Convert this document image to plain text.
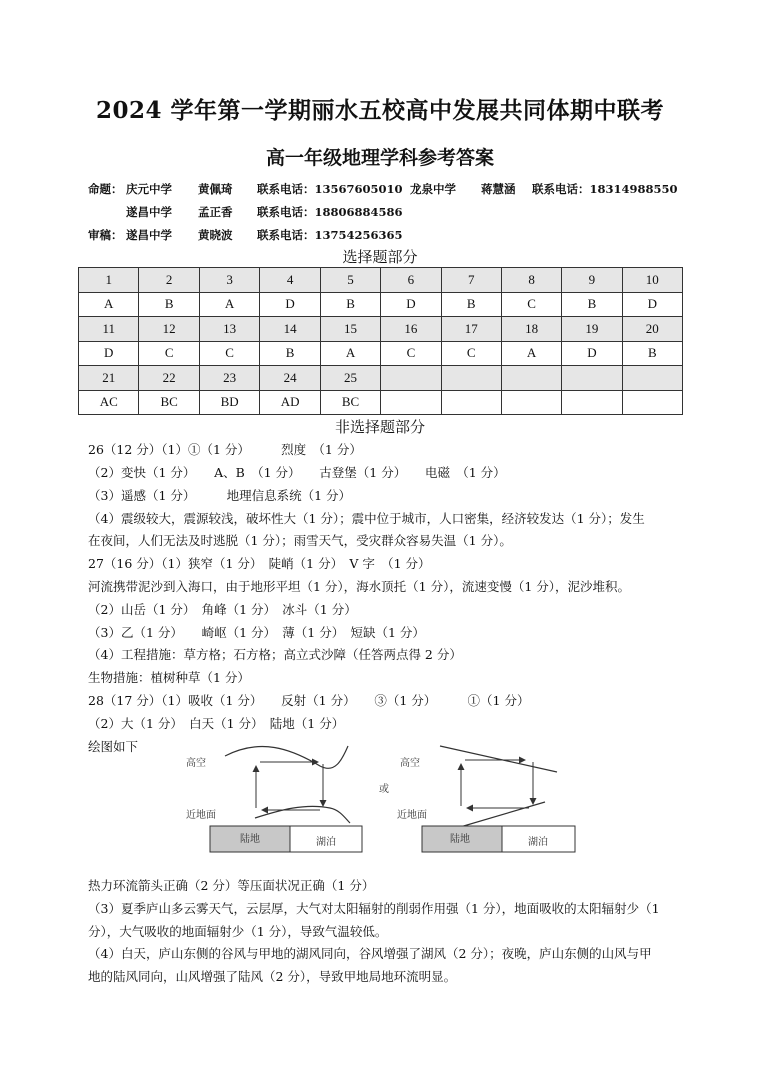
2024 学年第一学期丽水五校高中发展共同体期中联考
高一年级地理学科参考答案
命题： 庆元中学 黄佩琦 联系电话：13567605010 龙泉中学 蒋慧涵 联系电话：18314988550
遂昌中学 孟正香 联系电话：18806884586
审稿： 遂昌中学 黄晓波 联系电话：13754256365
选择题部分
1	2	3	4	5	6	7	8	9	10
A	B	A	D	B	D	B	C	B	D
11	12	13	14	15	16	17	18	19	20
D	C	C	B	A	C	C	A	D	B
21	22	23	24	25					
AC	BC	BD	AD	BC					
非选择题部分
26（12 分）（1）①（1 分）　　　烈度　（1 分）
（2）变快（1 分）　　A、B　（1 分）　　古登堡（1 分）　　电磁　（1 分）
（3）遥感（1 分）　　　地理信息系统（1 分）
（4）震级较大，震源较浅，破坏性大（1 分）；震中位于城市，人口密集，经济较发达（1 分）；发生
在夜间，人们无法及时逃脱（1 分）；雨雪天气，受灾群众容易失温（1 分）。
27（16 分）（1）狭窄（1 分）　陡峭（1 分）　V 字　（1 分）
河流携带泥沙到入海口，由于地形平坦（1 分），海水顶托（1 分），流速变慢（1 分），泥沙堆积。
（2）山岳（1 分）　角峰（1 分）　冰斗（1 分）
（3）乙（1 分）　　崎岖（1 分）　薄（1 分）　短缺（1 分）
（4）工程措施：草方格；石方格；高立式沙障（任答两点得 2 分）
生物措施：植树种草（1 分）
28（17 分）（1）吸收（1 分）　　反射（1 分）　　③（1 分）　　　①（1 分）
（2）大（1 分）　白天（1 分）　陆地（1 分）
绘图如下
高空
近地面
陆地	湖泊
或
高空
近地面
陆地	湖泊
热力环流箭头正确（2 分）等压面状况正确（1 分）
（3）夏季庐山多云雾天气，云层厚，大气对太阳辐射的削弱作用强（1 分），地面吸收的太阳辐射少（1
分），大气吸收的地面辐射少（1 分），导致气温较低。
（4）白天，庐山东侧的谷风与甲地的湖风同向，谷风增强了湖风（2 分）；夜晚，庐山东侧的山风与甲
地的陆风同向，山风增强了陆风（2 分），导致甲地局地环流明显。
